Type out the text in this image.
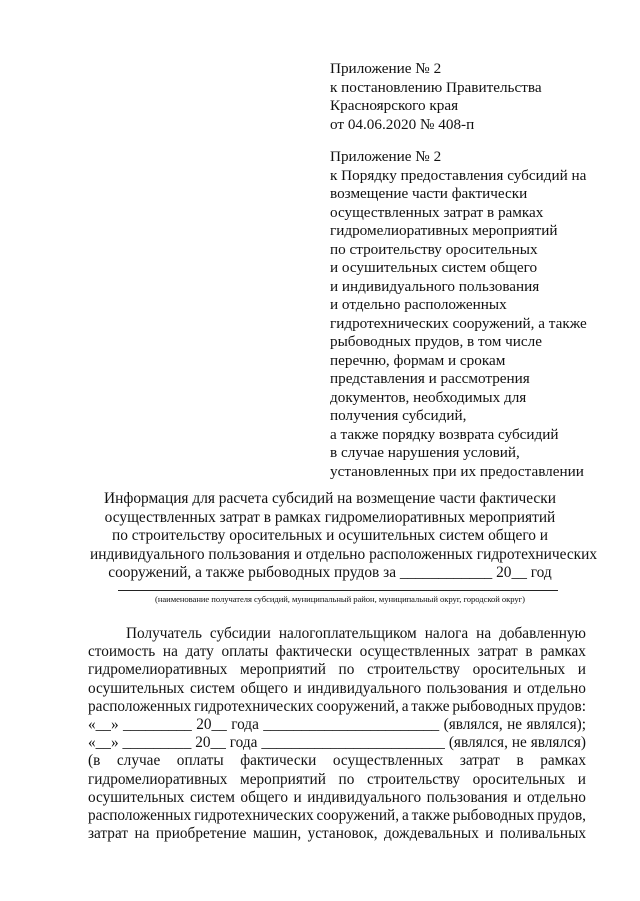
Приложение № 2
к постановлению Правительства
Красноярского края
от 04.06.2020 № 408-п
Приложение № 2
к Порядку предоставления субсидий на
возмещение части фактически
осуществленных затрат в рамках
гидромелиоративных мероприятий
по строительству оросительных
и осушительных систем общего
и индивидуального пользования
и отдельно расположенных
гидротехнических сооружений, а также
рыбоводных прудов, в том числе
перечню, формам и срокам
представления и рассмотрения
документов, необходимых для
получения субсидий,
а также порядку возврата субсидий
в случае нарушения условий,
установленных при их предоставлении
Информация для расчета субсидий на возмещение части фактически
осуществленных затрат в рамках гидромелиоративных мероприятий
по строительству оросительных и осушительных систем общего и
индивидуального пользования и отдельно расположенных гидротехнических
сооружений, а также рыбоводных прудов за ____________ 20__ год
(наименование получателя субсидий, муниципальный район, муниципальный округ, городской округ)
Получатель субсидии налогоплательщиком налога на добавленную
стоимость на дату оплаты фактически осуществленных затрат в рамках
гидромелиоративных мероприятий по строительству оросительных и
осушительных систем общего и индивидуального пользования и отдельно
расположенных гидротехнических сооружений, а также рыбоводных прудов:
«__» _________ 20__ года _______________________ (являлся, не являлся);
«__» _________ 20__ года ________________________ (являлся, не являлся)
(в случае оплаты фактически осуществленных затрат в рамках
гидромелиоративных мероприятий по строительству оросительных и
осушительных систем общего и индивидуального пользования и отдельно
расположенных гидротехнических сооружений, а также рыбоводных прудов,
затрат на приобретение машин, установок, дождевальных и поливальных
